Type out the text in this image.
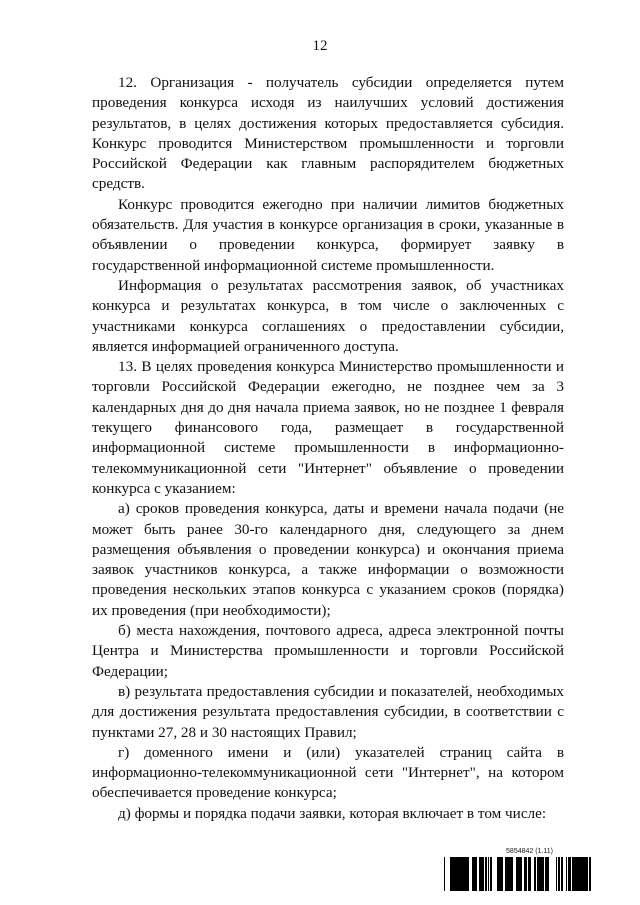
12

12. Организация - получатель субсидии определяется путем проведения конкурса исходя из наилучших условий достижения результатов, в целях достижения которых предоставляется субсидия. Конкурс проводится Министерством промышленности и торговли Российской Федерации как главным распорядителем бюджетных средств.

Конкурс проводится ежегодно при наличии лимитов бюджетных обязательств. Для участия в конкурсе организация в сроки, указанные в объявлении о проведении конкурса, формирует заявку в государственной информационной системе промышленности.

Информация о результатах рассмотрения заявок, об участниках конкурса и результатах конкурса, в том числе о заключенных с участниками конкурса соглашениях о предоставлении субсидии, является информацией ограниченного доступа.

13. В целях проведения конкурса Министерство промышленности и торговли Российской Федерации ежегодно, не позднее чем за 3 календарных дня до дня начала приема заявок, но не позднее 1 февраля текущего финансового года, размещает в государственной информационной системе промышленности в информационно-телекоммуникационной сети "Интернет" объявление о проведении конкурса с указанием:

а) сроков проведения конкурса, даты и времени начала подачи (не может быть ранее 30-го календарного дня, следующего за днем размещения объявления о проведении конкурса) и окончания приема заявок участников конкурса, а также информации о возможности проведения нескольких этапов конкурса с указанием сроков (порядка) их проведения (при необходимости);

б) места нахождения, почтового адреса, адреса электронной почты Центра и Министерства промышленности и торговли Российской Федерации;

в) результата предоставления субсидии и показателей, необходимых для достижения результата предоставления субсидии, в соответствии с пунктами 27, 28 и 30 настоящих Правил;

г) доменного имени и (или) указателей страниц сайта в информационно-телекоммуникационной сети "Интернет", на котором обеспечивается проведение конкурса;

д) формы и порядка подачи заявки, которая включает в том числе:

5854842 (1.11)
